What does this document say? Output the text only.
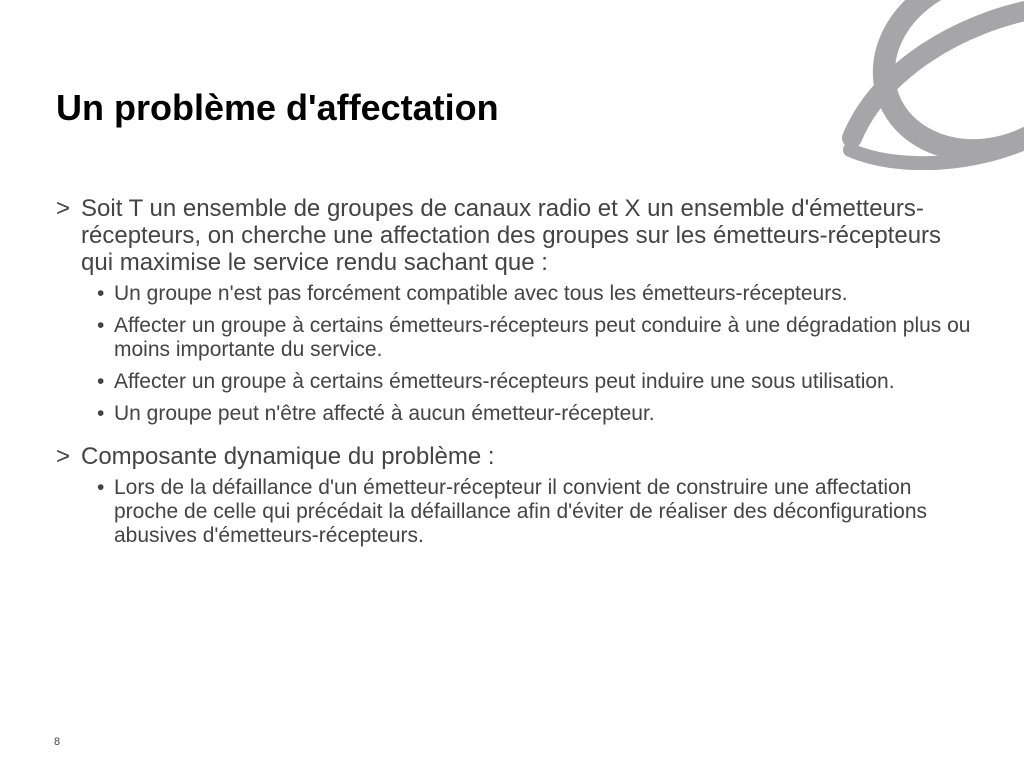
Un problème d'affectation
> Soit T un ensemble de groupes de canaux radio et X un ensemble d'émetteurs-récepteurs, on cherche une affectation des groupes sur les émetteurs-récepteurs qui maximise le service rendu sachant que :
• Un groupe n'est pas forcément compatible avec tous les émetteurs-récepteurs.
• Affecter un groupe à certains émetteurs-récepteurs peut conduire à une dégradation plus ou moins importante du service.
• Affecter un groupe à certains émetteurs-récepteurs peut induire une sous utilisation.
• Un groupe peut n'être affecté à aucun émetteur-récepteur.
> Composante dynamique du problème :
• Lors de la défaillance d'un émetteur-récepteur il convient de construire une affectation proche de celle qui précédait la défaillance afin d'éviter de réaliser des déconfigurations abusives d'émetteurs-récepteurs.
8
